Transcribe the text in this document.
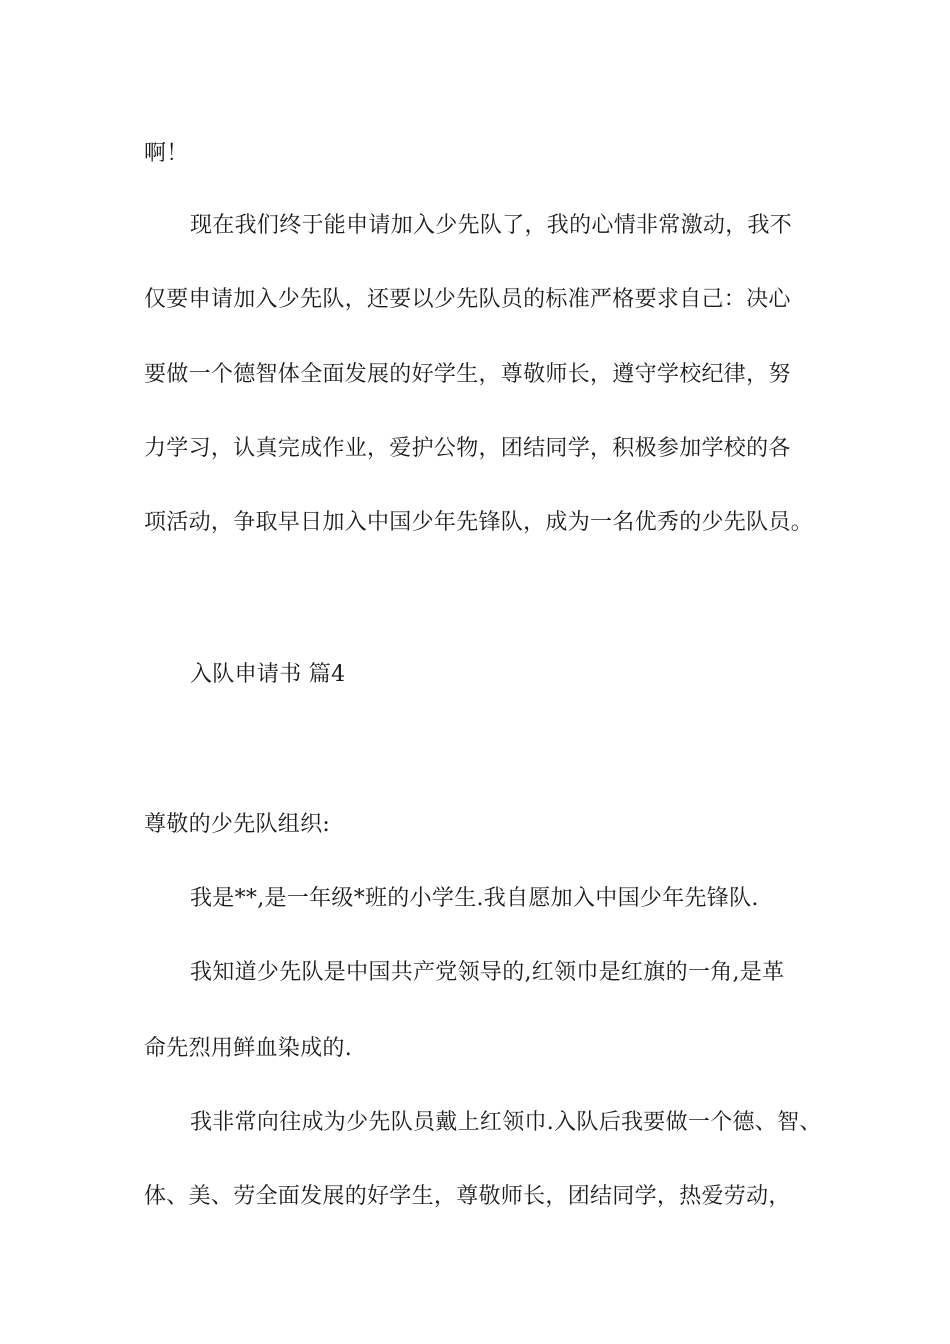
啊！
现在我们终于能申请加入少先队了，我的心情非常激动，我不
仅要申请加入少先队，还要以少先队员的标准严格要求自己：决心
要做一个德智体全面发展的好学生，尊敬师长，遵守学校纪律，努
力学习，认真完成作业，爱护公物，团结同学，积极参加学校的各
项活动，争取早日加入中国少年先锋队，成为一名优秀的少先队员。
入队申请书 篇4
尊敬的少先队组织:
我是**,是一年级*班的小学生.我自愿加入中国少年先锋队.
我知道少先队是中国共产党领导的,红领巾是红旗的一角,是革
命先烈用鲜血染成的.
我非常向往成为少先队员戴上红领巾.入队后我要做一个德、智、
体、美、劳全面发展的好学生，尊敬师长，团结同学，热爱劳动，
